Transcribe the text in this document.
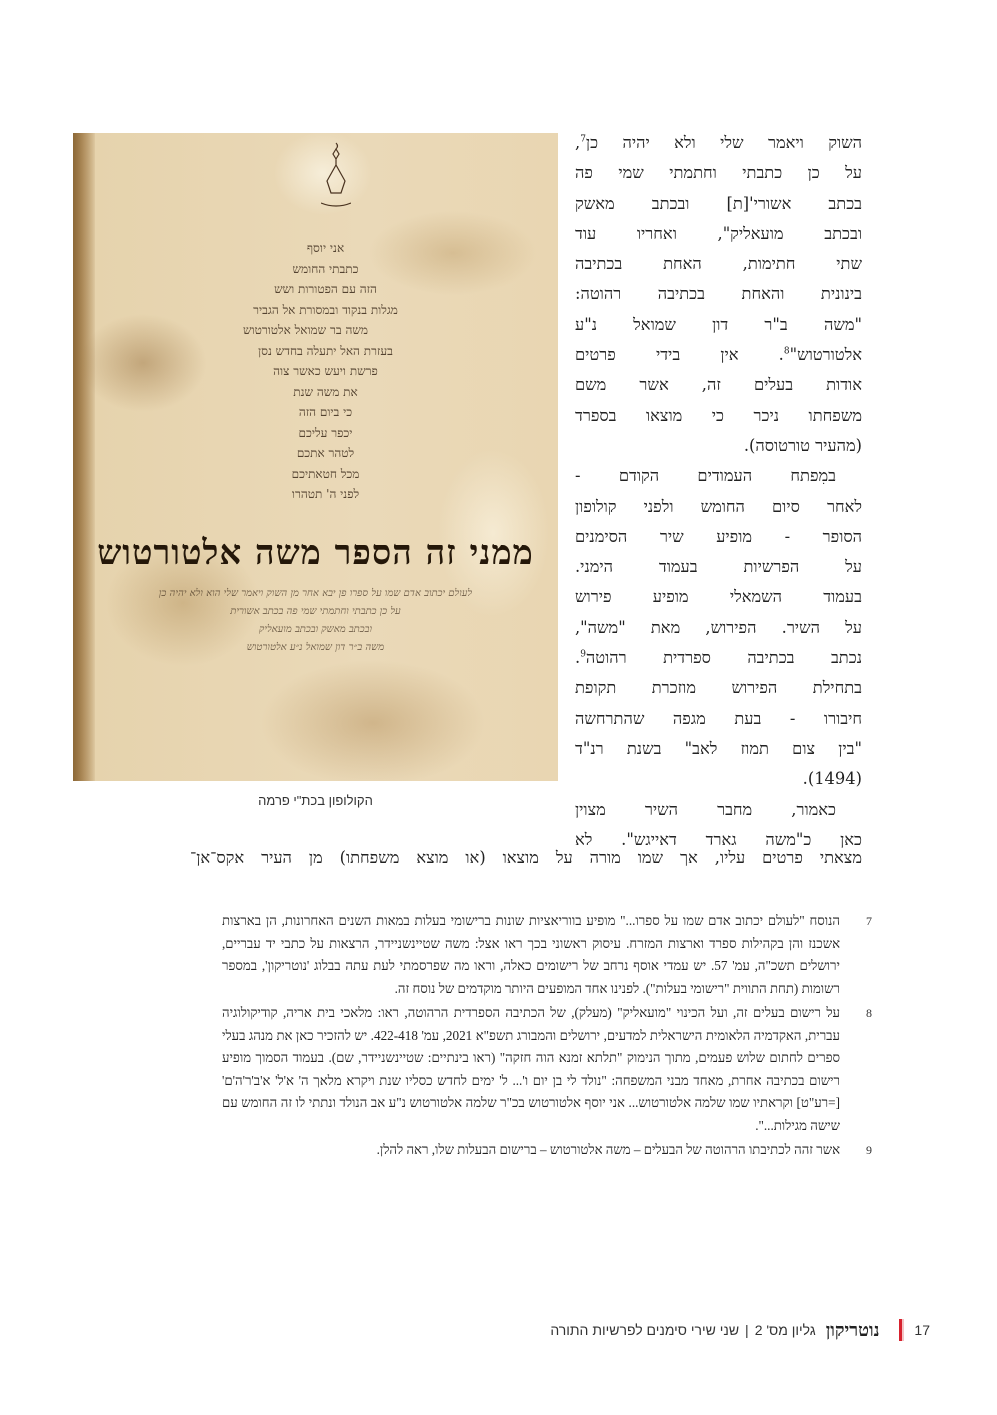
אני יוסף
כתבתי החומש
הזה עם הפטורות ושש
מגלות בנקוד ובמסורת אל הגביר
משה בר שמואל אלטורטוש
בעזרת האל יתעלה בחדש נסן
פרשת ויעש כאשר צוה
את משה שנת
כי ביום הזה
יכפר עליכם
לטהר אתכם
מכל חטאתיכם
לפני ה' תטהרו
ממני זה הספר משה אלטורטוש
לעולם יכתוב אדם שמו על ספרו פן יבא אחר מן השוק ויאמר שלי הוא ולא יהיה כן
על כן כתבתי וחתמתי שמי פה בכתב אשורית
ובכתב מאשק ובכתב מועאליק
משה ב״ר דון שמואל נ״ע אלטורטוש
הקולופון בכת"י פרמה
השוק ויאמר שלי ולא יהיה כן$^7$,
על כן כתבתי וחתמתי שמי פה
בכתב אשורי'[ת] ובכתב מאשק
ובכתב מועאליק", ואחריו עוד
שתי חתימות, האחת בכתיבה
בינונית והאחת בכתיבה רהוטה:
"משה ב"ר דון שמואל נ"ע
אלטורטוש"$^8$. אין בידי פרטים
אודות בעלים זה, אשר משם
משפחתו ניכר כי מוצאו בספרד
(מהעיר טורטוסה).
במִפתח העמודים הקודם -
לאחר סיום החומש ולפני קולופון
הסופר - מופיע שיר הסימנים
על הפרשיות בעמוד הימני.
בעמוד השמאלי מופיע פירוש
על השיר. הפירוש, מאת "משה",
נכתב בכתיבה ספרדית רהוטה$^9$.
בתחילת הפירוש מוזכרת תקופת
חיבורו - בעת מגפה שהתרחשה
"בין צום תמוז לאב" בשנת רנ"ד
(1494).
כאמור, מחבר השיר מצוין
כאן כ"משה גארד דאייגש". לא
מצאתי פרטים עליו, אך שמו מורה על מוצאו (או מוצא משפחתו) מן העיר אקס־אן־
7
הנוסח "לעולם יכתוב אדם שמו על ספרו..." מופיע בווריאציות שונות ברישומי בעלות במאות השנים האחרונות, הן בארצות אשכנז והן בקהילות ספרד וארצות המזרח. עיסוק ראשוני בכך ראו אצל: משה שטיינשניידר, הרצאות על כתבי יד עבריים, ירושלים תשכ"ה, עמ' 57. יש עמדי אוסף נרחב של רישומים כאלה, וראו מה שפרסמתי לעת עתה בבלוג 'נוטריקון', במספר רשומות (תחת התווית "רישומי בעלות"). לפנינו אחד המופעים היותר מוקדמים של נוסח זה.
8
על רישום בעלים זה, ועל הכינוי "מועאליק" (מעלק), של הכתיבה הספרדית הרהוטה, ראו: מלאכי בית אריה, קודיקולוגיה עברית, האקדמיה הלאומית הישראלית למדעים, ירושלים והמבורג תשפ"א 2021, עמ' 422-418. יש להזכיר כאן את מנהג בעלי ספרים לחתום שלוש פעמים, מתוך הנימוק "תלתא זמנא הוה חזקה" (ראו בינתיים: שטיינשניידר, שם). בעמוד הסמוך מופיע רישום בכתיבה אחרת, מאחד מבני המשפחה: "נולד לי בן יום ו'... ל' ימים לחדש כסליו שנת ויקרא מלאך ה' א'ל' א'ב'ר'ה'ם' [=רע"ט] וקראתיו שמו שלמה אלטורטוש... אני יוסף אלטורטוש בכ"ר שלמה אלטורטוש נ"ע אב הנולד ונתתי לו זה החומש עם שישה מגילות...".
9
אשר זהה לכתיבתו הרהוטה של הבעלים – משה אלטורטוש – ברישום הבעלות שלו, ראה להלן.
17
נוטריקון
גליון מס' 2
|
שני שירי סימנים לפרשיות התורה
